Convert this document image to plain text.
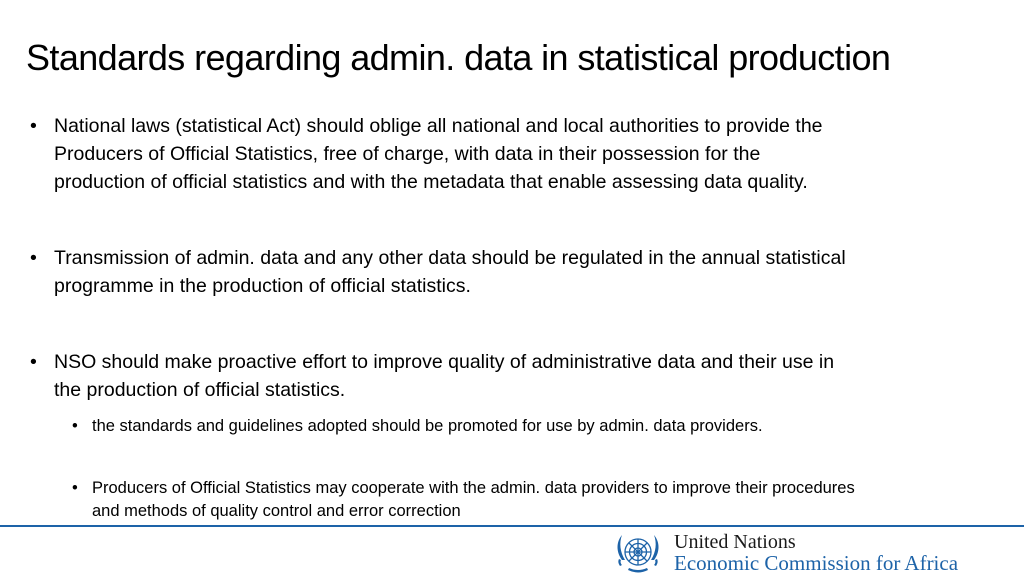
Standards regarding admin. data in statistical production
• National laws (statistical Act) should oblige all national and local authorities to provide the
Producers of Official Statistics, free of charge, with data in their possession for the
production of official statistics and with the metadata that enable assessing data quality.
• Transmission of admin. data and any other data should be regulated in the annual statistical
programme in the production of official statistics.
• NSO should make proactive effort to improve quality of administrative data and their use in
the production of official statistics.
• the standards and guidelines adopted should be promoted for use by admin. data providers.
• Producers of Official Statistics may cooperate with the admin. data providers to improve their procedures
and methods of quality control and error correction
United Nations
Economic Commission for Africa
